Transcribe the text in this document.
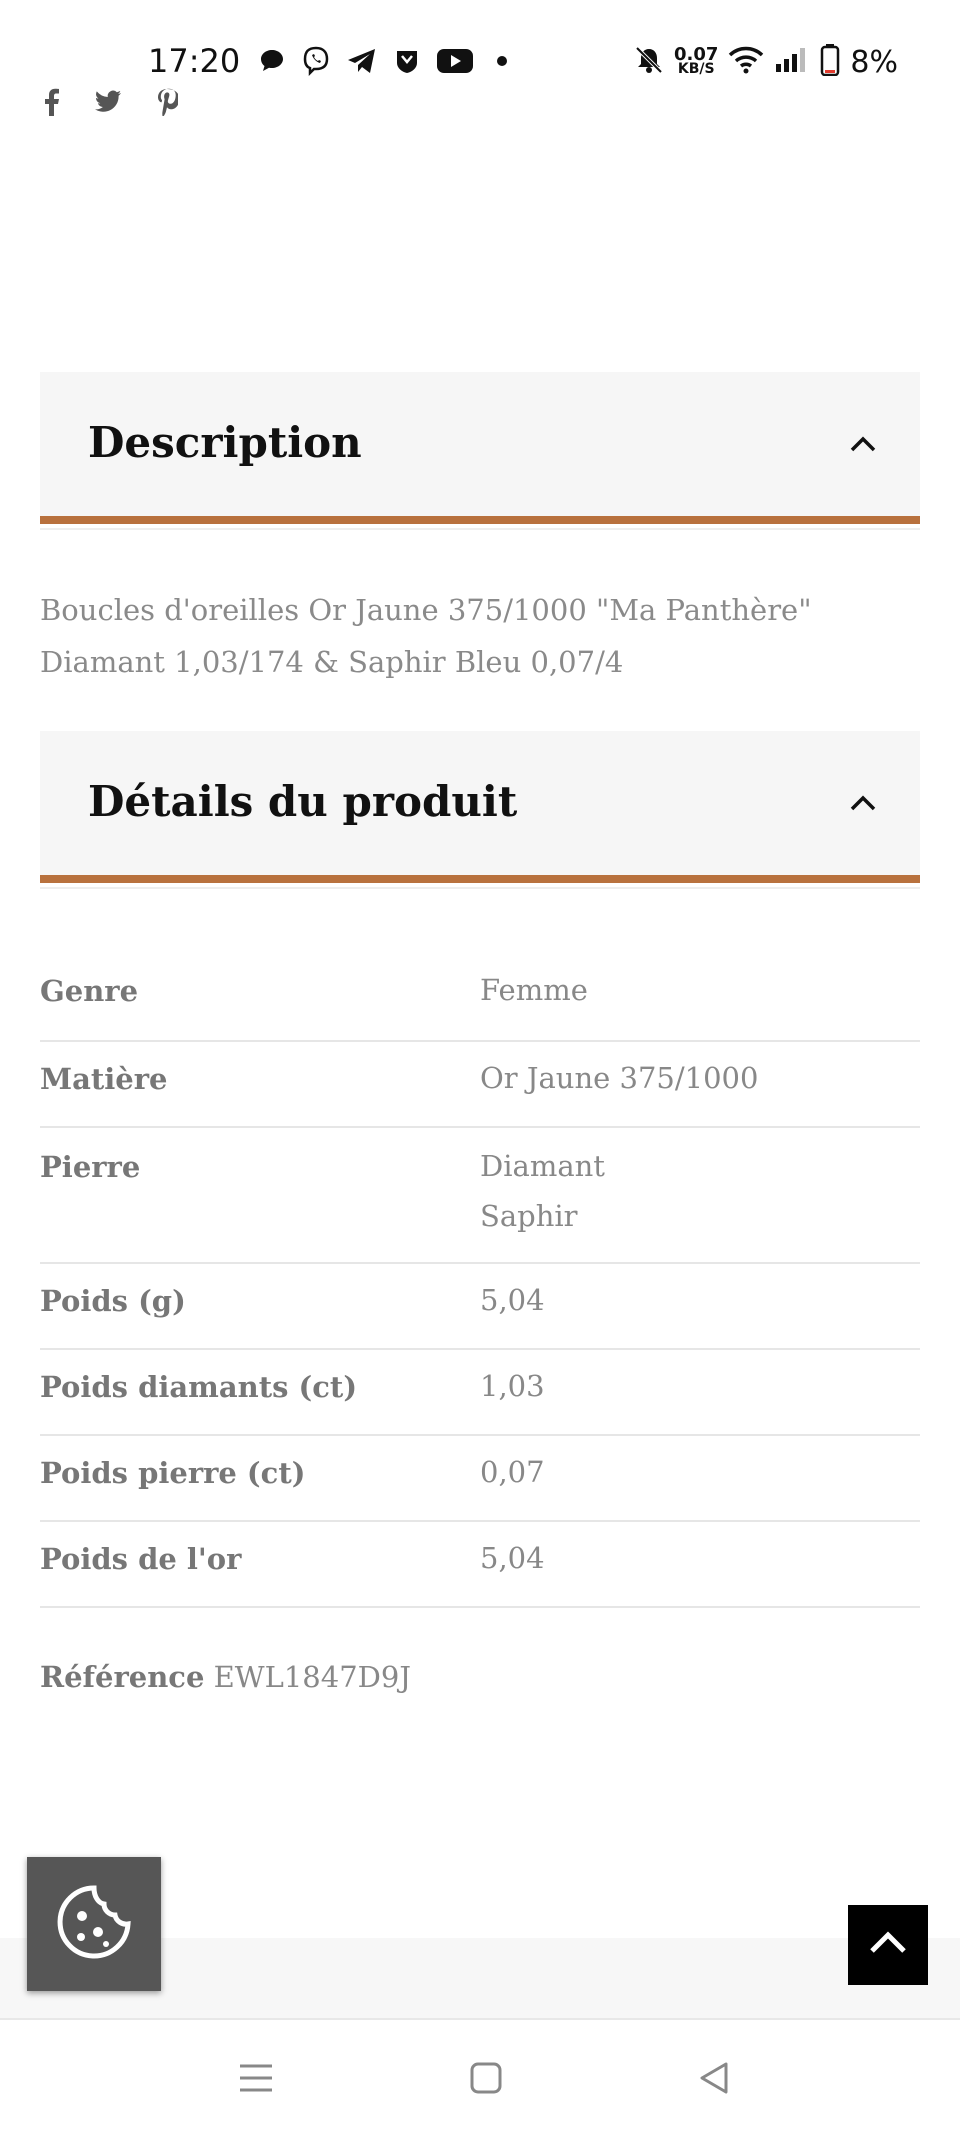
17:20	0.07
KB/S	8%
Description
Boucles d'oreilles Or Jaune 375/1000 "Ma Panthère" Diamant 1,03/174 & Saphir Bleu 0,07/4
Détails du produit
Genre	Femme
Matière	Or Jaune 375/1000
Pierre	Diamant
Saphir
Poids (g)	5,04
Poids diamants (ct)	1,03
Poids pierre (ct)	0,07
Poids de l'or	5,04
Référence EWL1847D9J
